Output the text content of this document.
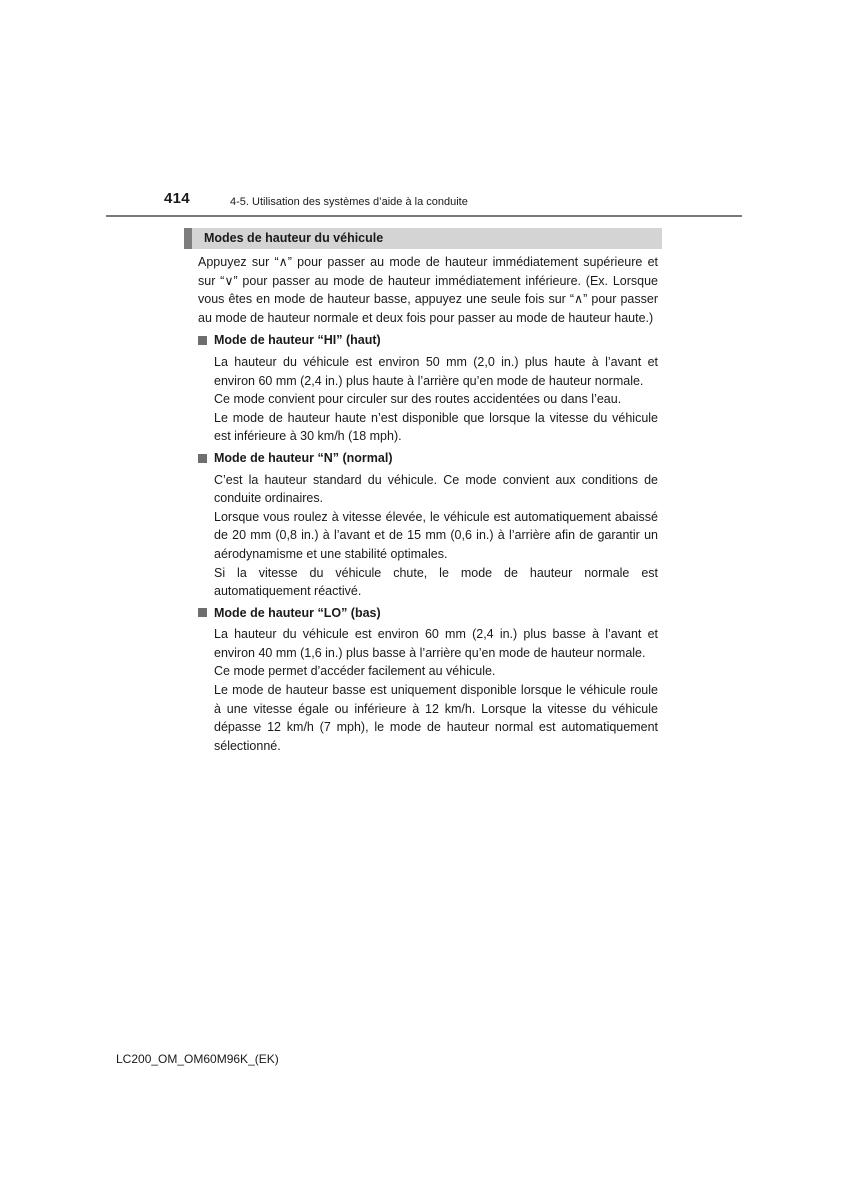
414	4-5. Utilisation des systèmes d’aide à la conduite
Modes de hauteur du véhicule

Appuyez sur “∧” pour passer au mode de hauteur immédiatement supérieure et sur “∨” pour passer au mode de hauteur immédiatement inférieure. (Ex. Lorsque vous êtes en mode de hauteur basse, appuyez une seule fois sur “∧” pour passer au mode de hauteur normale et deux fois pour passer au mode de hauteur haute.)

Mode de hauteur “HI” (haut)

La hauteur du véhicule est environ 50 mm (2,0 in.) plus haute à l’avant et environ 60 mm (2,4 in.) plus haute à l’arrière qu’en mode de hauteur normale.

Ce mode convient pour circuler sur des routes accidentées ou dans l’eau.

Le mode de hauteur haute n’est disponible que lorsque la vitesse du véhicule est inférieure à 30 km/h (18 mph).

Mode de hauteur “N” (normal)

C’est la hauteur standard du véhicule. Ce mode convient aux conditions de conduite ordinaires.

Lorsque vous roulez à vitesse élevée, le véhicule est automatiquement abaissé de 20 mm (0,8 in.) à l’avant et de 15 mm (0,6 in.) à l’arrière afin de garantir un aérodynamisme et une stabilité optimales.

Si la vitesse du véhicule chute, le mode de hauteur normale est automatiquement réactivé.

Mode de hauteur “LO” (bas)

La hauteur du véhicule est environ 60 mm (2,4 in.) plus basse à l’avant et environ 40 mm (1,6 in.) plus basse à l’arrière qu’en mode de hauteur normale.

Ce mode permet d’accéder facilement au véhicule.

Le mode de hauteur basse est uniquement disponible lorsque le véhicule roule à une vitesse égale ou inférieure à 12 km/h. Lorsque la vitesse du véhicule dépasse 12 km/h (7 mph), le mode de hauteur normal est automatiquement sélectionné.

LC200_OM_OM60M96K_(EK)
